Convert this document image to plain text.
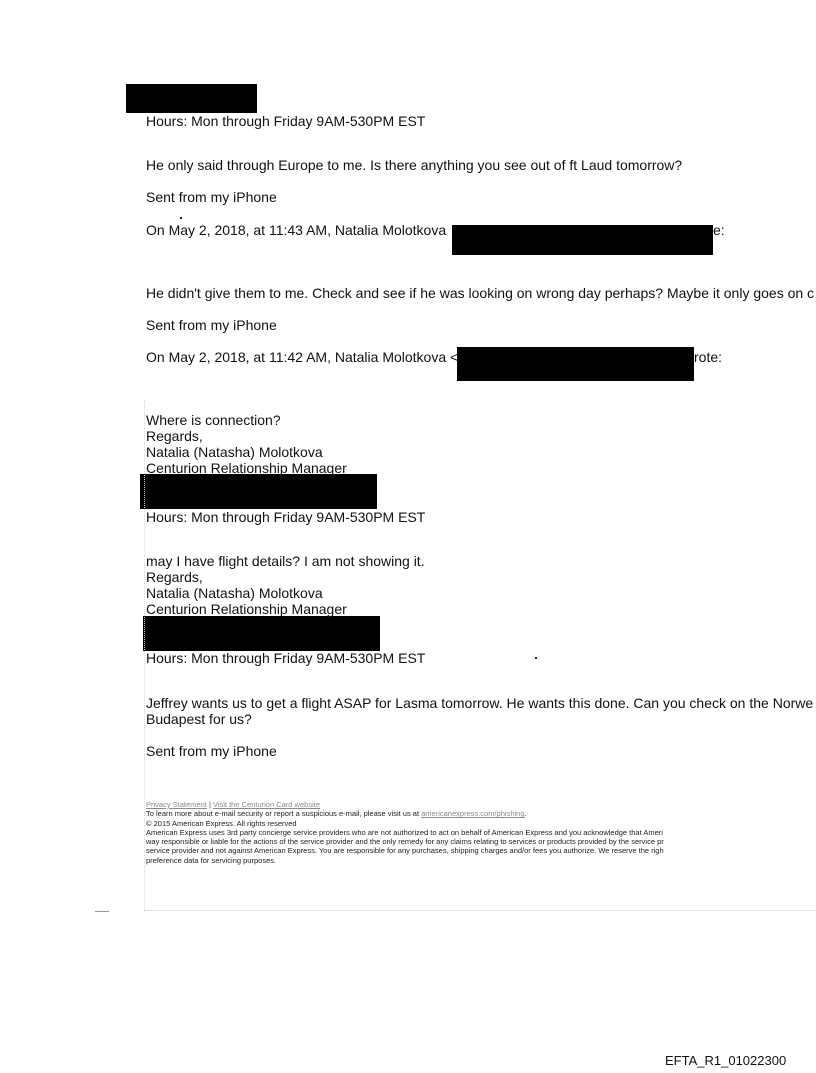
Hours: Mon through Friday 9AM-530PM EST

He only said through Europe to me. Is there anything you see out of ft Laud tomorrow?

Sent from my iPhone

On May 2, 2018, at 11:43 AM, Natalia Molotkova	e:

He didn't give them to me. Check and see if he was looking on wrong day perhaps? Maybe it only goes on c

Sent from my iPhone

On May 2, 2018, at 11:42 AM, Natalia Molotkova <	rote:

Where is connection?
Regards,
Natalia (Natasha) Molotkova
Centurion Relationship Manager

Hours: Mon through Friday 9AM-530PM EST

may I have flight details? I am not showing it.
Regards,
Natalia (Natasha) Molotkova
Centurion Relationship Manager

Hours: Mon through Friday 9AM-530PM EST

Jeffrey wants us to get a flight ASAP for Lasma tomorrow. He wants this done. Can you check on the Norwe
Budapest for us?

Sent from my iPhone

Privacy Statement | Visit the Centurion Card website
To learn more about e-mail security or report a suspicious e-mail, please visit us at americanexpress.com/phishing.
© 2015 American Express. All rights reserved
American Express uses 3rd party concierge service providers who are not authorized to act on behalf of American Express and you acknowledge that Ameri
way responsible or liable for the actions of the service provider and the only remedy for any claims relating to services or products provided by the service pr
service provider and not against American Express. You are responsible for any purchases, shipping charges and/or fees you authorize. We reserve the righ
preference data for servicing purposes.
EFTA_R1_01022300
